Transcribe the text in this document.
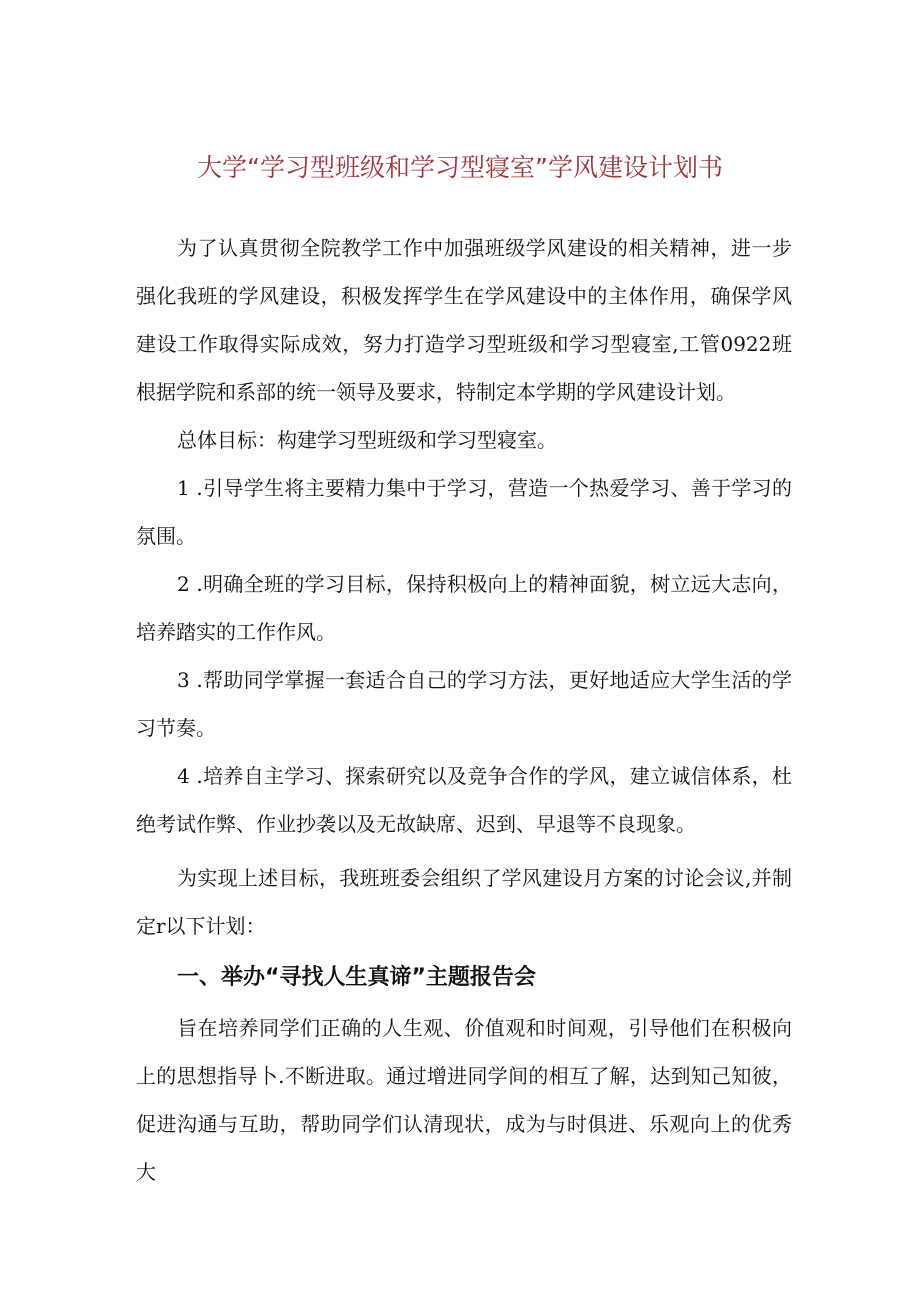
大学“学习型班级和学习型寝室”学风建设计划书

为了认真贯彻全院教学工作中加强班级学风建设的相关精神，进一步强化我班的学风建设，积极发挥学生在学风建设中的主体作用，确保学风建设工作取得实际成效，努力打造学习型班级和学习型寝室,工管0922班根据学院和系部的统一领导及要求，特制定本学期的学风建设计划。

总体目标：构建学习型班级和学习型寝室。

1 .引导学生将主要精力集中于学习，营造一个热爱学习、善于学习的氛围。

2 .明确全班的学习目标，保持积极向上的精神面貌，树立远大志向，培养踏实的工作作风。

3 .帮助同学掌握一套适合自己的学习方法，更好地适应大学生活的学习节奏。

4 .培养自主学习、探索研究以及竞争合作的学风，建立诚信体系，杜绝考试作弊、作业抄袭以及无故缺席、迟到、早退等不良现象。

为实现上述目标，我班班委会组织了学风建设月方案的讨论会议,并制定r以下计划：

一、举办“寻找人生真谛”主题报告会

旨在培养同学们正确的人生观、价值观和时间观，引导他们在积极向上的思想指导卜.不断进取。通过增进同学间的相互了解，达到知己知彼，促进沟通与互助，帮助同学们认清现状，成为与时俱进、乐观向上的优秀大
